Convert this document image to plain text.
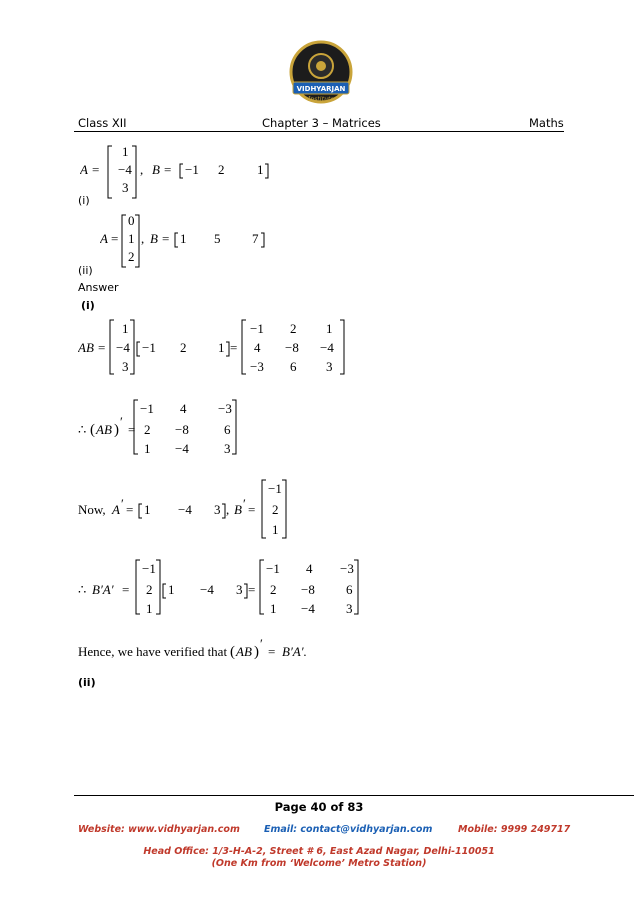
VIDHYARJAN
Institute
Class XII	Chapter 3 – Matrices	Maths
A =
1
−4
3
, B = −1 2	1
(i)
A =
0
1
2
, B = 1 5 7
(ii)
Answer
(i)
AB =
1
−4
3
−1 2 1 =
−1 2 1
4 −8 −4
−3 6 3
∴ ( AB )
′
=
−1 4 −3
2 −8	6
1 −4	3
Now, A ′ = 1 −4 3 , B ′ =
−1
2
1
∴ B′A′ =
−1
2
1
1 −4 3 =
−1 4 −3
2 −8 6
1 −4 3
Hence, we have verified that ( AB )
′
= B′A′.
(ii)
Page 40 of 83
Website: www.vidhyarjan.com	Email: contact@vidhyarjan.com	Mobile: 9999 249717
Head Office: 1/3-H-A-2, Street # 6, East Azad Nagar, Delhi-110051
(One Km from ‘Welcome’ Metro Station)
